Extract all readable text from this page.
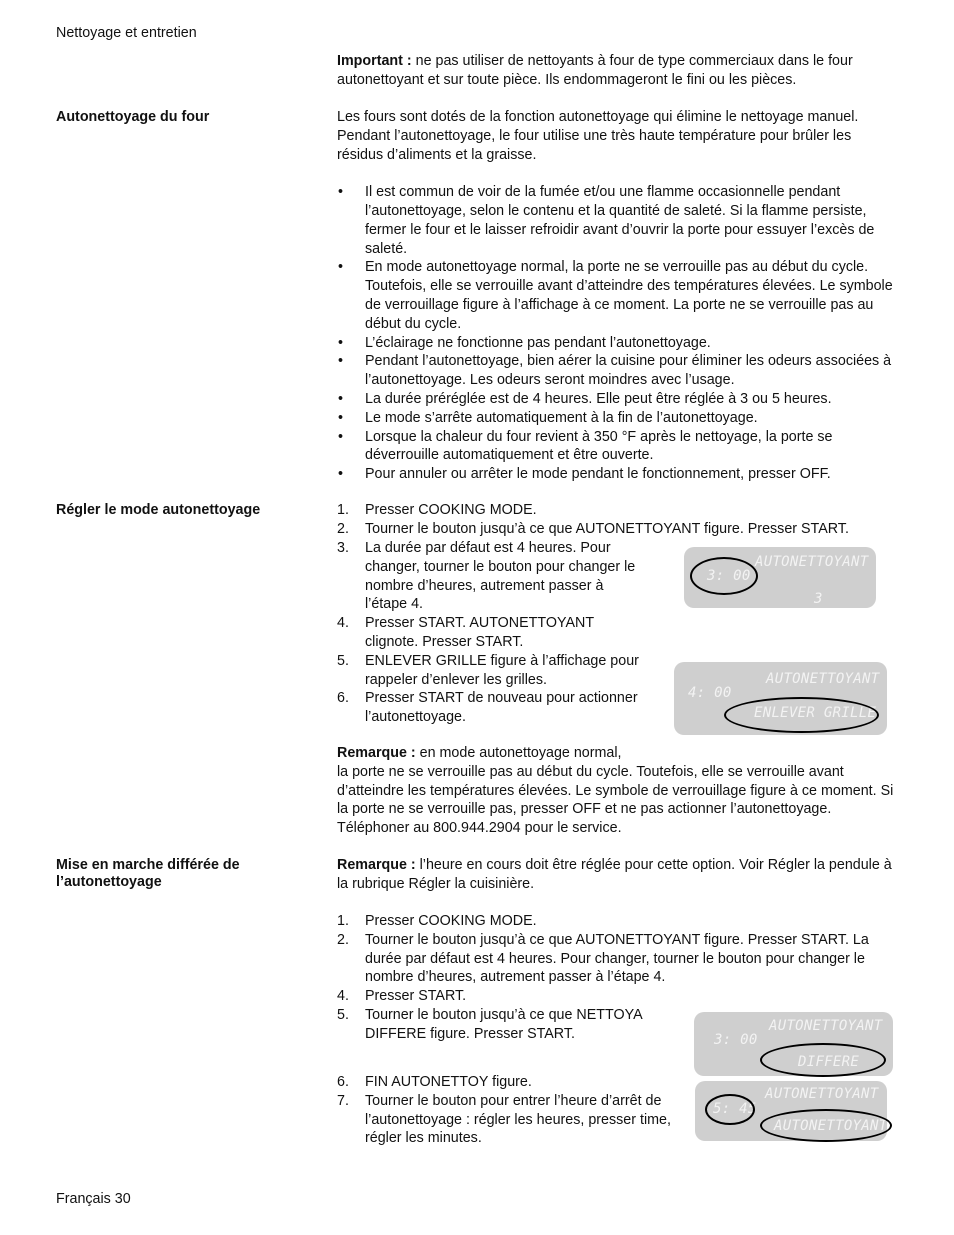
Nettoyage et entretien

Important : ne pas utiliser de nettoyants à four de type commerciaux dans le four autonettoyant et sur toute pièce. Ils endommageront le fini ou les pièces.

Autonettoyage du four	Les fours sont dotés de la fonction autonettoyage qui élimine le nettoyage manuel. Pendant l’autonettoyage, le four utilise une très haute température pour brûler les résidus d’aliments et la graisse.

• Il est commun de voir de la fumée et/ou une flamme occasionnelle pendant l’autonettoyage, selon le contenu et la quantité de saleté. Si la flamme persiste, fermer le four et le laisser refroidir avant d’ouvrir la porte pour essuyer l’excès de saleté.
• En mode autonettoyage normal, la porte ne se verrouille pas au début du cycle. Toutefois, elle se verrouille avant d’atteindre des températures élevées. Le symbole de verrouillage figure à l’affichage à ce moment. La porte ne se verrouille pas au début du cycle.
• L’éclairage ne fonctionne pas pendant l’autonettoyage.
• Pendant l’autonettoyage, bien aérer la cuisine pour éliminer les odeurs associées à l’autonettoyage. Les odeurs seront moindres avec l’usage.
• La durée préréglée est de 4 heures. Elle peut être réglée à 3 ou 5 heures.
• Le mode s’arrête automatiquement à la fin de l’autonettoyage.
• Lorsque la chaleur du four revient à 350 °F après le nettoyage, la porte se déverrouille automatiquement et être ouverte.
• Pour annuler ou arrêter le mode pendant le fonctionnement, presser OFF.
Régler le mode autonettoyage	1.	Presser COOKING MODE.
2.	Tourner le bouton jusqu’à ce que AUTONETTOYANT figure. Presser START.
3.	La durée par défaut est 4 heures. Pour changer, tourner le bouton pour changer le nombre d’heures, autrement passer à l’étape 4.
4.	Presser START. AUTONETTOYANT clignote. Presser START.
5.	ENLEVER GRILLE figure à l’affichage pour rappeler d’enlever les grilles.
6.	Presser START de nouveau pour actionner l’autonettoyage.
AUTONETTOYANT
3: 00
3
AUTONETTOYANT
4: 00
ENLEVER GRILLE

Remarque : en mode autonettoyage normal,

la porte ne se verrouille pas au début du cycle. Toutefois, elle se verrouille avant d’atteindre les températures élevées. Le symbole de verrouillage figure à ce moment. Si la porte ne se verrouille pas, presser OFF et ne pas actionner l’autonettoyage. Téléphoner au 800.944.2904 pour le service.

Mise en marche différée de l’autonettoyage

Remarque : l’heure en cours doit être réglée pour cette option. Voir Régler la pendule à la rubrique Régler la cuisinière.

1.	Presser COOKING MODE.
2.	Tourner le bouton jusqu’à ce que AUTONETTOYANT figure. Presser START. La durée par défaut est 4 heures. Pour changer, tourner le bouton pour changer le nombre d’heures, autrement passer à l’étape 4.
4.	Presser START.
5.	Tourner le bouton jusqu’à ce que NETTOYA DIFFERE figure. Presser START.
6.	FIN AUTONETTOY figure.
7.	Tourner le bouton pour entrer l’heure d’arrêt de l’autonettoyage : régler les heures, presser time, régler les minutes.
AUTONETTOYANT
3: 00
DIFFERE
AUTONETTOYANT
5: 45
AUTONETTOYANT
Français 30
